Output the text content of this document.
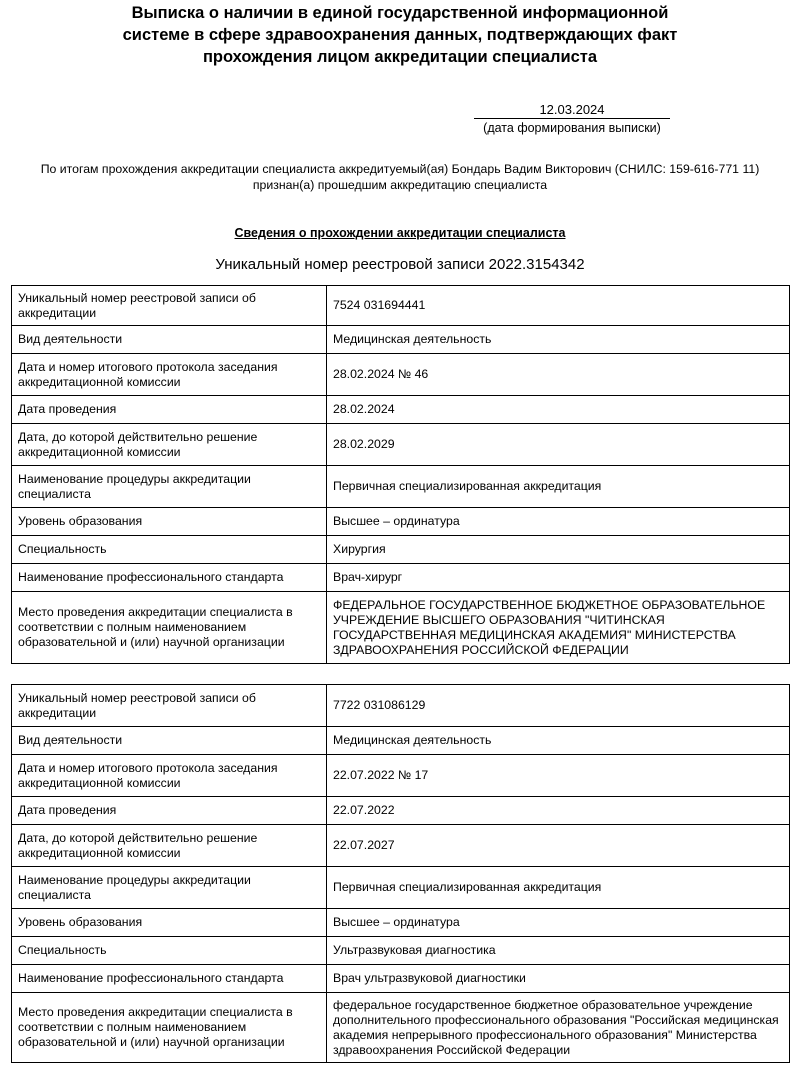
Выписка о наличии в единой государственной информационной
системе в сфере здравоохранения данных, подтверждающих факт
прохождения лицом аккредитации специалиста
12.03.2024
(дата формирования выписки)
По итогам прохождения аккредитации специалиста аккредитуемый(ая) Бондарь Вадим Викторович (СНИЛС: 159-616-771 11)
признан(а) прошедшим аккредитацию специалиста
Сведения о прохождении аккредитации специалиста
Уникальный номер реестровой записи 2022.3154342
Уникальный номер реестровой записи об аккредитации	7524 031694441
Вид деятельности	Медицинская деятельность
Дата и номер итогового протокола заседания аккредитационной комиссии	28.02.2024 № 46
Дата проведения	28.02.2024
Дата, до которой действительно решение аккредитационной комиссии	28.02.2029
Наименование процедуры аккредитации специалиста	Первичная специализированная аккредитация
Уровень образования	Высшее – ординатура
Специальность	Хирургия
Наименование профессионального стандарта	Врач-хирург
Место проведения аккредитации специалиста в соответствии с полным наименованием образовательной и (или) научной организации	ФЕДЕРАЛЬНОЕ ГОСУДАРСТВЕННОЕ БЮДЖЕТНОЕ ОБРАЗОВАТЕЛЬНОЕ УЧРЕЖДЕНИЕ ВЫСШЕГО ОБРАЗОВАНИЯ "ЧИТИНСКАЯ ГОСУДАРСТВЕННАЯ МЕДИЦИНСКАЯ АКАДЕМИЯ" МИНИСТЕРСТВА ЗДРАВООХРАНЕНИЯ РОССИЙСКОЙ ФЕДЕРАЦИИ
Уникальный номер реестровой записи об аккредитации	7722 031086129
Вид деятельности	Медицинская деятельность
Дата и номер итогового протокола заседания аккредитационной комиссии	22.07.2022 № 17
Дата проведения	22.07.2022
Дата, до которой действительно решение аккредитационной комиссии	22.07.2027
Наименование процедуры аккредитации специалиста	Первичная специализированная аккредитация
Уровень образования	Высшее – ординатура
Специальность	Ультразвуковая диагностика
Наименование профессионального стандарта	Врач ультразвуковой диагностики
Место проведения аккредитации специалиста в соответствии с полным наименованием образовательной и (или) научной организации	федеральное государственное бюджетное образовательное учреждение дополнительного профессионального образования "Российская медицинская академия непрерывного профессионального образования" Министерства здравоохранения Российской Федерации
